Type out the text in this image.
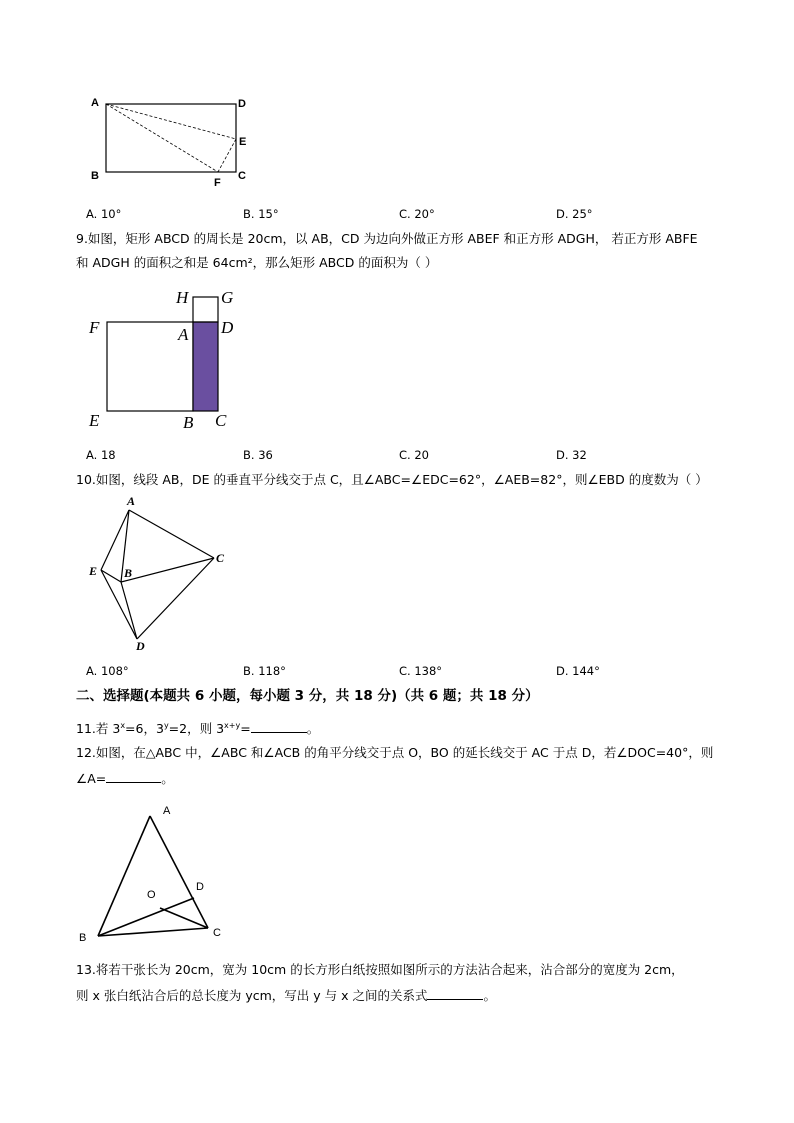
A	D
E
B
F
C
A. 10°	B. 15°	C. 20°	D. 25°
9.如图，矩形 ABCD 的周长是 20cm，以 AB，CD 为边向外做正方形 ABEF 和正方形 ADGH， 若正方形 ABFE
和 ADGH 的面积之和是 64cm²，那么矩形 ABCD 的面积为（ ）
H G
F	A D
E	B C
A. 18	B. 36	C. 20	D. 32
10.如图，线段 AB，DE 的垂直平分线交于点 C，且∠ABC=∠EDC=62°，∠AEB=82°，则∠EBD 的度数为（ ）
A
C
E B
D
A. 108°	B. 118°	C. 138°	D. 144°
二、选择题(本题共 6 小题，每小题 3 分，共 18 分)（共 6 题；共 18 分）
11.若 $3^x=6$，$3^y=2$，则 $3^{x+y}=$	。
12.如图，在△ABC 中，∠ABC 和∠ACB 的角平分线交于点 O，BO 的延长线交于 AC 于点 D，若∠DOC=40°，则
∠A=	。
A
O
D
B	C
13.将若干张长为 20cm，宽为 10cm 的长方形白纸按照如图所示的方法沾合起来，沾合部分的宽度为 2cm，
则 x 张白纸沾合后的总长度为 ycm，写出 y 与 x 之间的关系式	。
